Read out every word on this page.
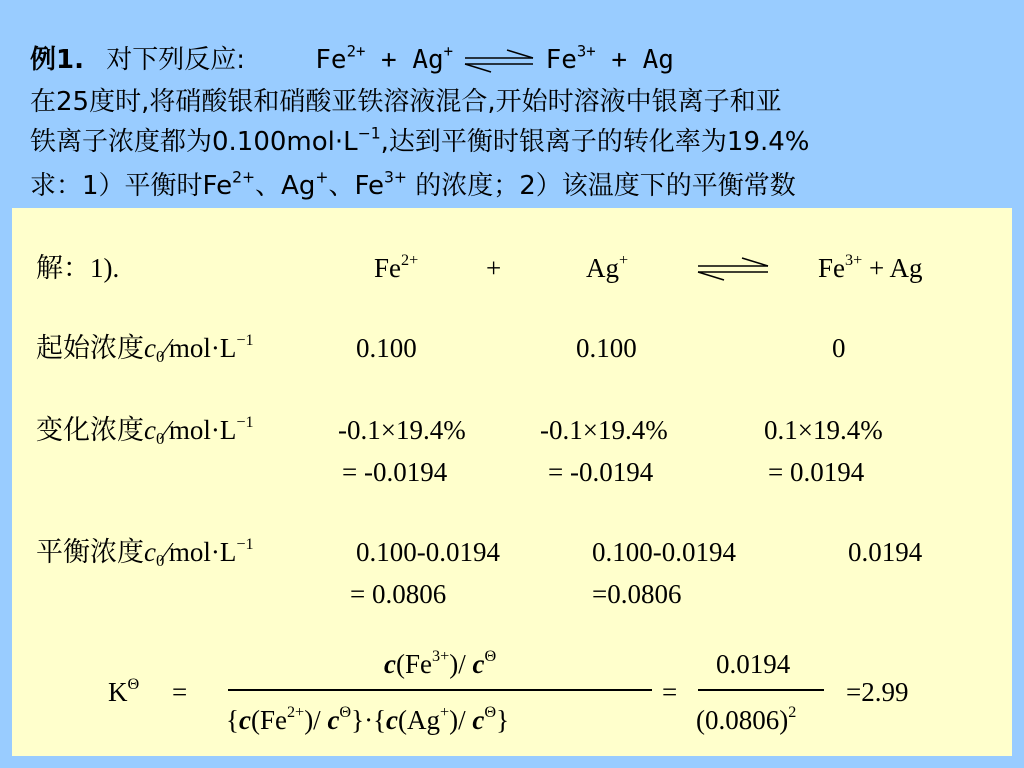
例1. 对下列反应:	$Fe^{2+} + Ag^+$ ⇌ $Fe^{3+} + Ag$
在25度时,将硝酸银和硝酸亚铁溶液混合,开始时溶液中银离子和亚
铁离子浓度都为$0.100mol\cdot L^{-1}$,达到平衡时银离子的转化率为19.4%
求：1）平衡时$Fe^{2+}$、Ag+、$Fe^{3+}$ 的浓度；2）该温度下的平衡常数
解：1).	$Fe^{2+}$	+	Ag+	$Fe^{3+} + Ag$
起始浓度$c_0⁄mol\cdot L^{-1}$	0.100	0.100	0
变化浓度$c_0⁄mol\cdot L^{-1}$	-0.1×19.4%	-0.1×19.4%	0.1×19.4%
= -0.0194	= -0.0194	= 0.0194
平衡浓度$c_0⁄mol\cdot L^{-1}$	0.100-0.0194	0.100-0.0194	0.0194
= 0.0806	=0.0806
$K^\Theta$ =
$c(Fe^{3+})/$ $c^\Theta$
{$c(Fe^{2+})/$ $c^\Theta\}\cdot\{c(Ag^+)/$ $c^\Theta$}
=
0.0194
$(0.0806)^2$
=2.99
